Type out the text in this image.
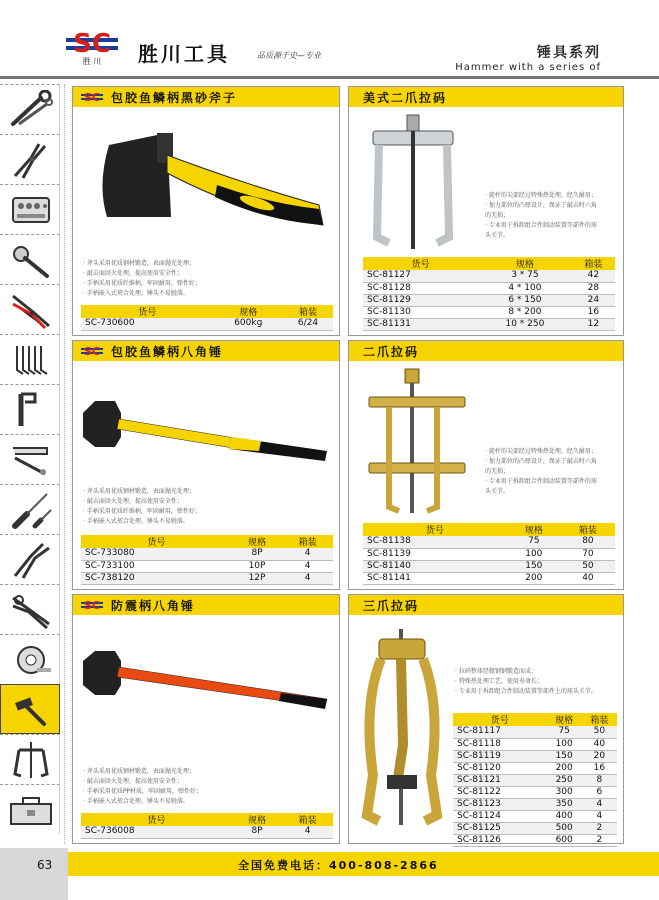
SC
胜 川 胜川工具	品质源于史—专业	锤具系列
Hammer with a series of
SC 包胶鱼鳞柄黑砂斧子
· 斧头采用优质钢材锻造，表面抛光处理；
· 敲击面回火处理，提高使用安全性；
· 手柄采用优质纤维柄，牢固耐用，弹性好；
· 手柄嵌入式契合处理，锤头不易脱落。
货号	规格	箱装
SC-730600	600kg	6/24
SC 包胶鱼鳞柄八角锤
· 斧头采用优质钢材锻造，表面抛光处理；
· 敲击面回火处理，提高使用安全性；
· 手柄采用优质纤维柄，牢固耐用，弹性好；
· 手柄嵌入式契合处理，锤头不易脱落。
货号	规格	箱装
SC-733080	8P	4
SC-733100	10P	4
SC-738120	12P	4
SC 防震柄八角锤
· 斧头采用优质钢材锻造，表面抛光处理；
· 敲击面回火处理，提高使用安全性；
· 手柄采用优质PP材质，牢固耐用，弹性好；
· 手柄嵌入式契合处理，锤头不易脱落。
货号	规格	箱装
SC-736008	8P	4
美式二爪拉码
· 旋杆的尖部经过特殊热处理，经久耐用；
· 加力部位的凸弹设计，保证了敲击时六角
的无损；
· 专业用于拆卸组合件制动装置等部件的球
头关节。
货号	规格	箱装
SC-81127	3 * 75	42
SC-81128	4 * 100	28
SC-81129	6 * 150	24
SC-81130	8 * 200	16
SC-81131	10 * 250	12
二爪拉码
· 旋杆的尖部经过特殊热处理，经久耐用；
· 加力部位的凸弹设计，保证了敲击时六角
的无损；
· 专业用于拆卸组合件制动装置等部件的球
头关节。
货号	规格	箱装
SC-81138	75	80
SC-81139	100	70
SC-81140	150	50
SC-81141	200	40
三爪拉码
· 拉码整体经微钢钢锻造而成；
· 特殊热处理工艺，使用寿命长；
· 专业用于拆卸组合件制动装置等部件上的球头关节。
货号	规格	箱装
SC-81117	75	50
SC-81118	100	40
SC-81119	150	20
SC-81120	200	16
SC-81121	250	8
SC-81122	300	6
SC-81123	350	4
SC-81124	400	4
SC-81125	500	2
SC-81126	600	2
63	全国免费电话：400-808-2866
